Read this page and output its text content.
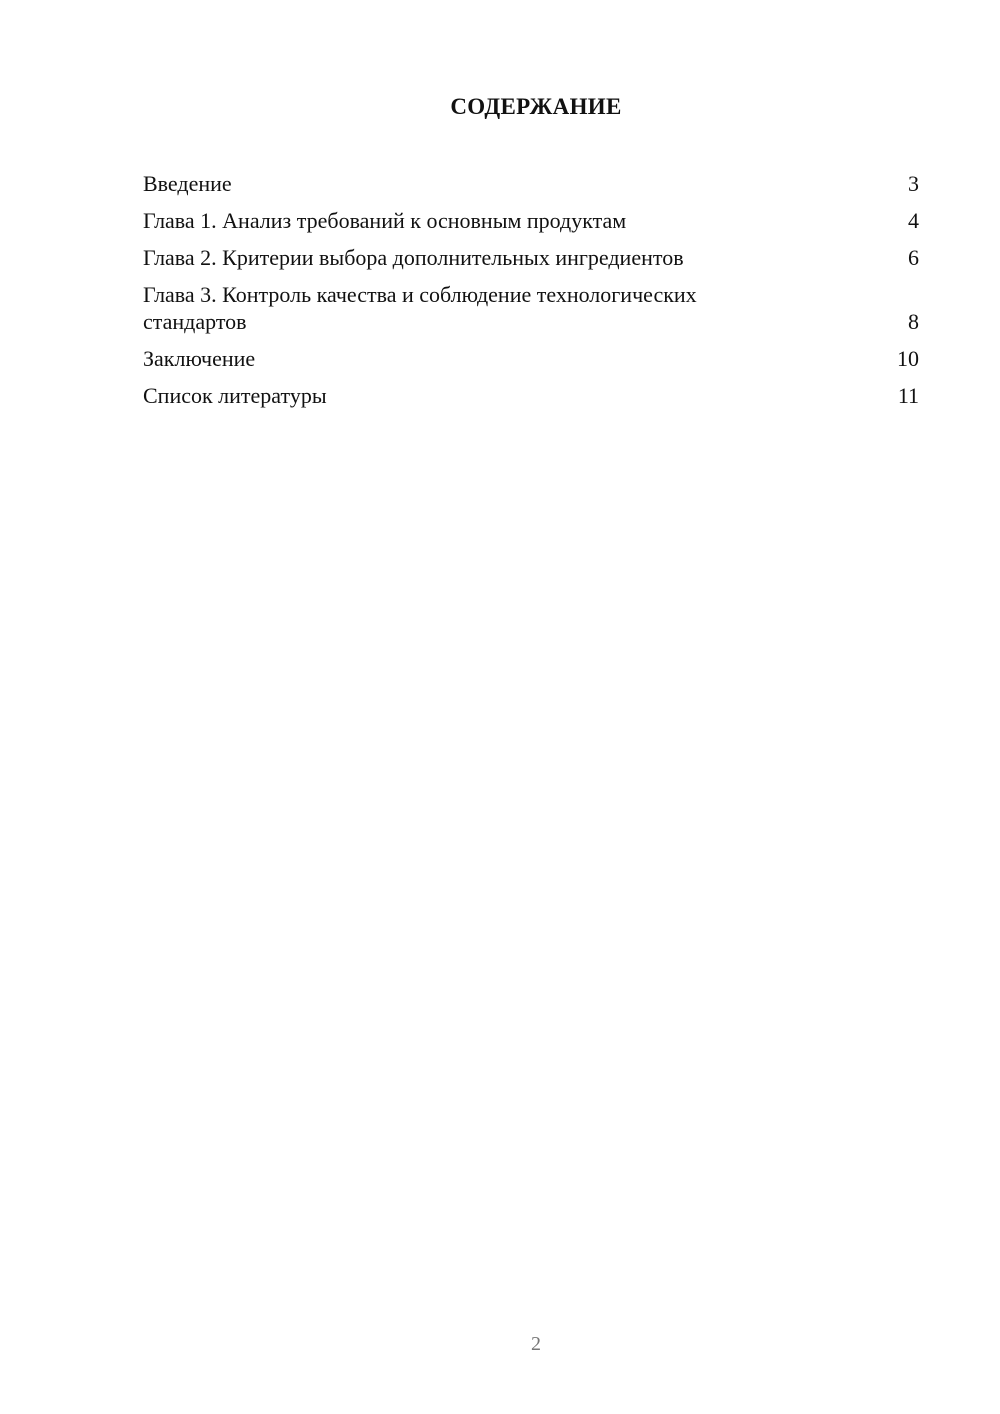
СОДЕРЖАНИЕ
Введение	3
Глава 1. Анализ требований к основным продуктам	4
Глава 2. Критерии выбора дополнительных ингредиентов	6
Глава 3. Контроль качества и соблюдение технологических стандартов	8
Заключение	10
Список литературы	11
2
